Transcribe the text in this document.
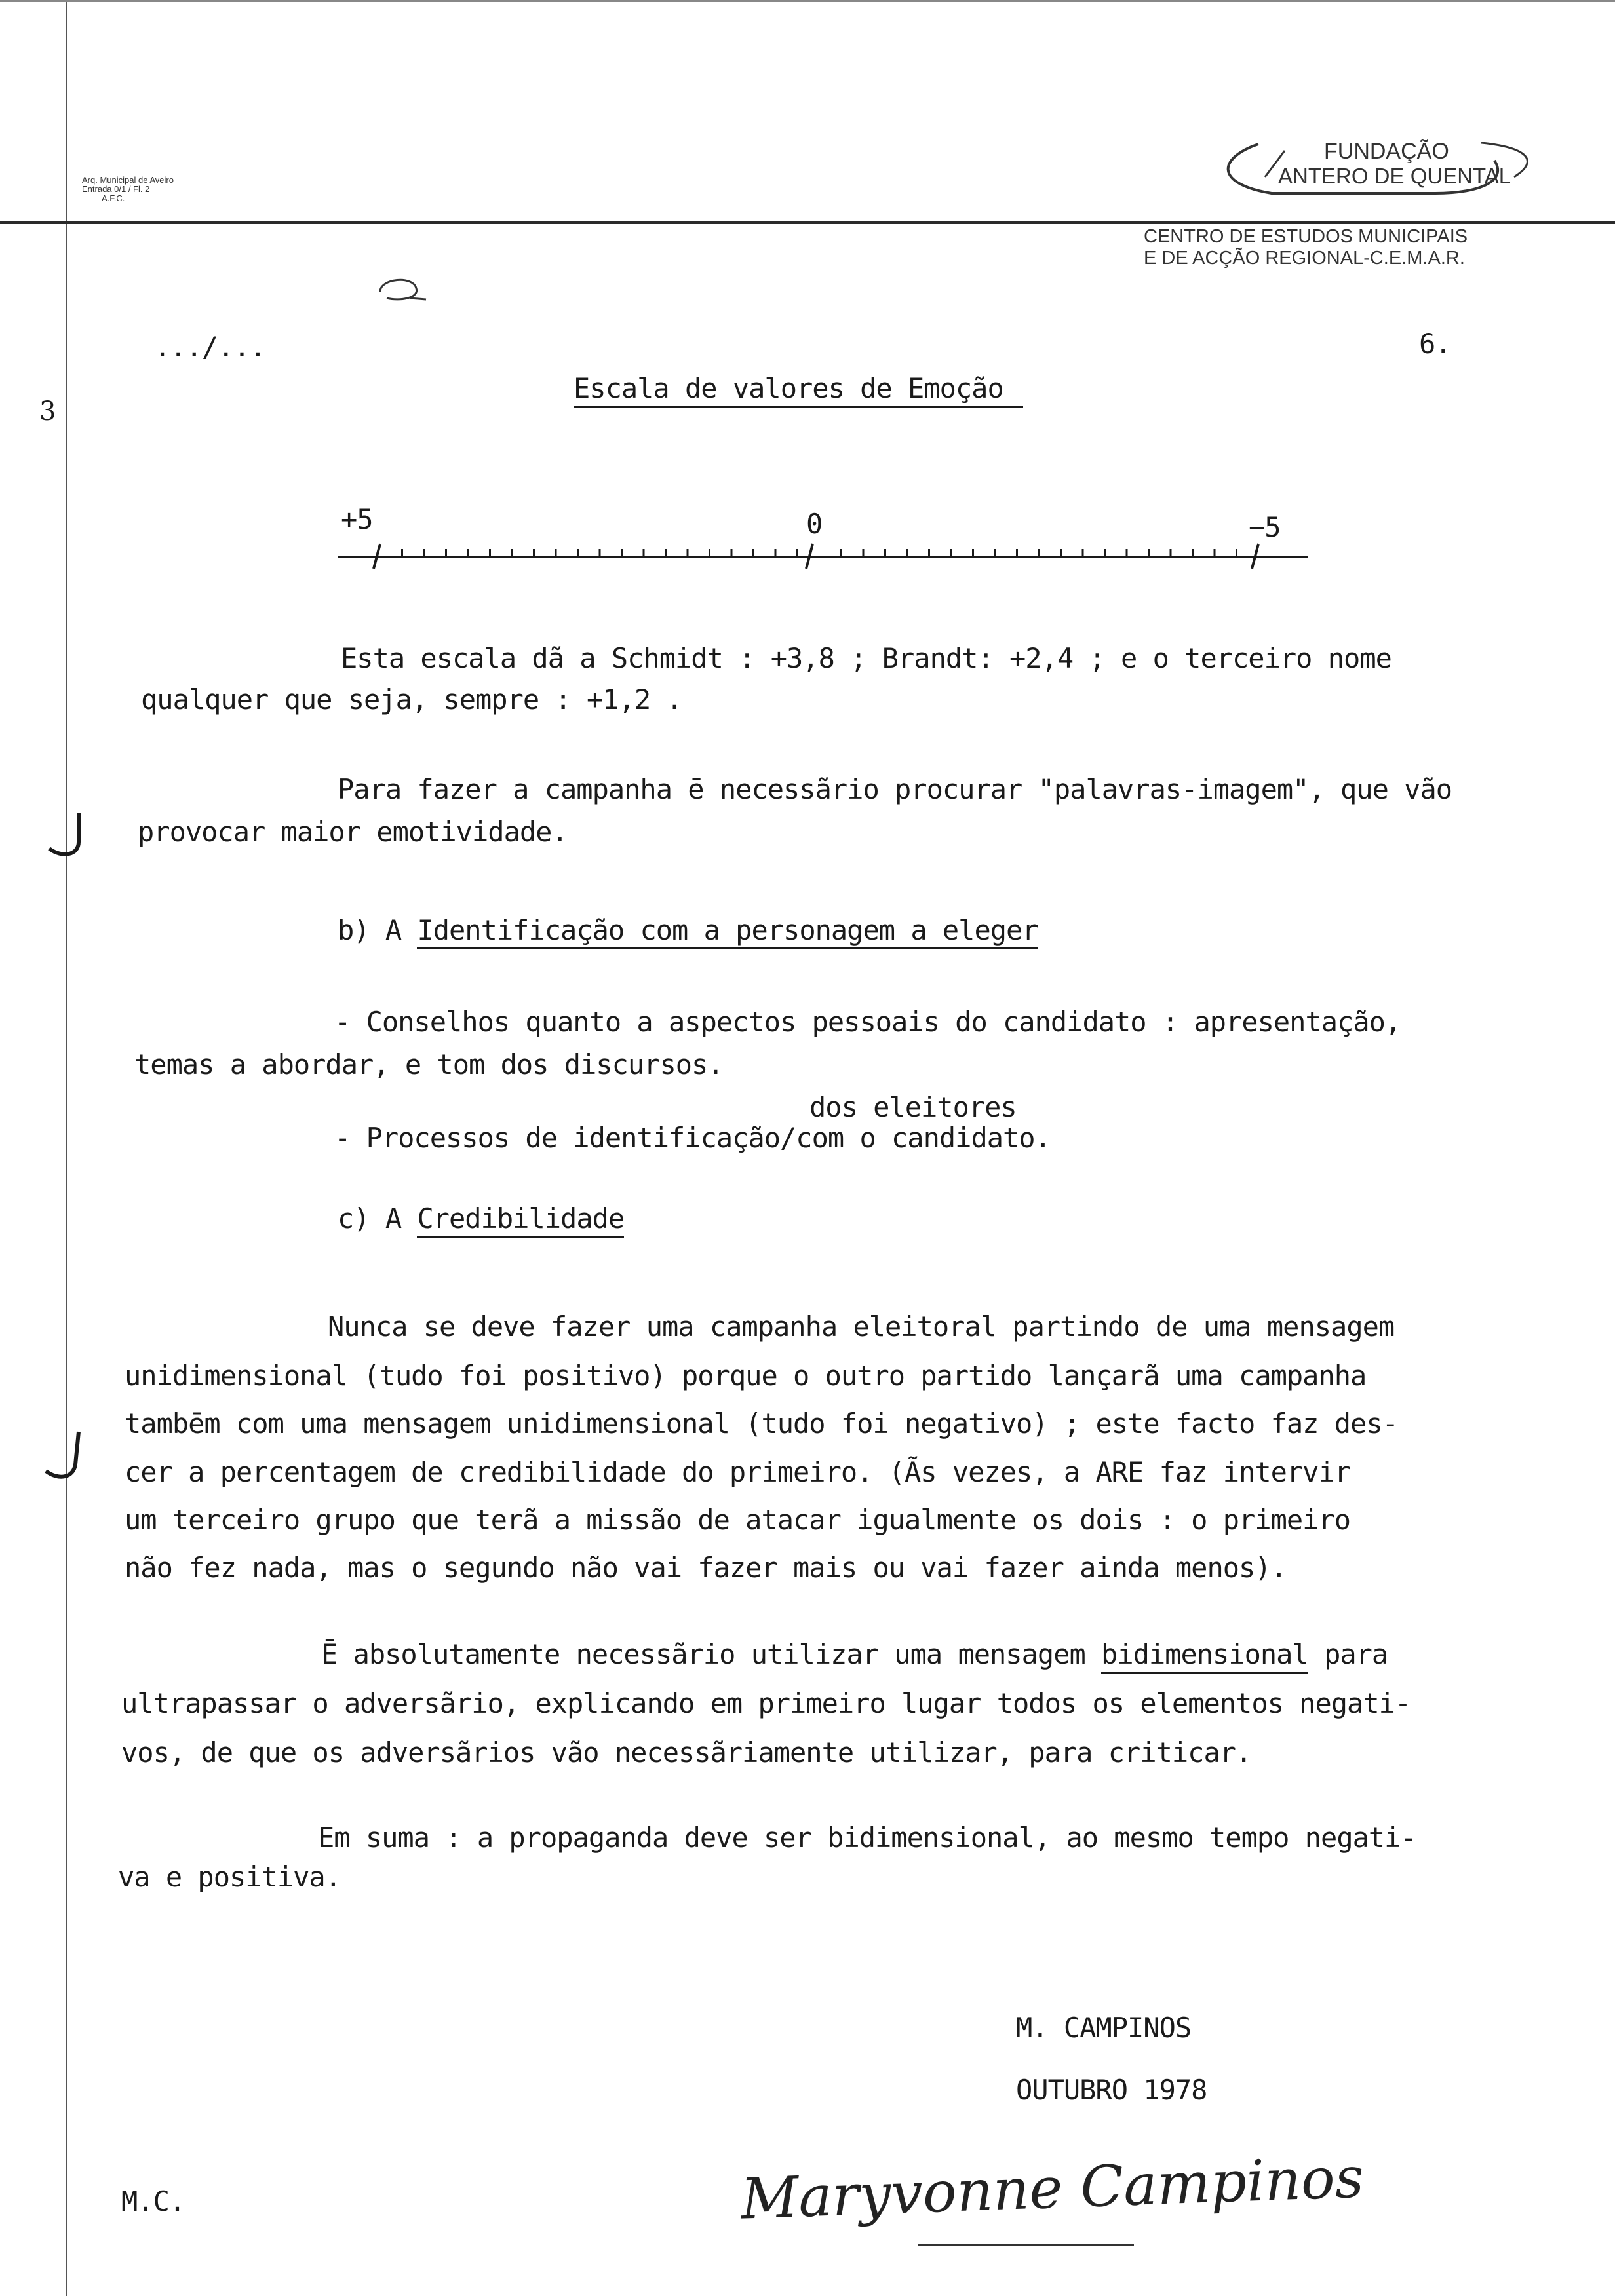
Arq. Municipal de Aveiro
Entrada 0/1 / Fl. 2
A.F.C.
FUNDAÇÃO
ANTERO DE QUENTAL
CENTRO DE ESTUDOS MUNICIPAIS
E DE ACÇÃO REGIONAL-C.E.M.A.R.
3
.../...	6.
Escala de valores de Emoção
+5	0	−5
Esta escala dã a Schmidt : +3,8 ; Brandt: +2,4 ; e o terceiro nome
qualquer que seja, sempre : +1,2 .
Para fazer a campanha ē necessãrio procurar "palavras-imagem", que vão
provocar maior emotividade.
b) A Identificação com a personagem a eleger
- Conselhos quanto a aspectos pessoais do candidato : apresentação,
temas a abordar, e tom dos discursos.
dos eleitores
- Processos de identificação/com o candidato.
c) A Credibilidade
Nunca se deve fazer uma campanha eleitoral partindo de uma mensagem
unidimensional (tudo foi positivo) porque o outro partido lançarã uma campanha
tambēm com uma mensagem unidimensional (tudo foi negativo) ; este facto faz des-
cer a percentagem de credibilidade do primeiro. (Ãs vezes, a ARE faz intervir
um terceiro grupo que terã a missão de atacar igualmente os dois : o primeiro
não fez nada, mas o segundo não vai fazer mais ou vai fazer ainda menos).
Ē absolutamente necessãrio utilizar uma mensagem bidimensional para
ultrapassar o adversãrio, explicando em primeiro lugar todos os elementos negati-
vos, de que os adversãrios vão necessãriamente utilizar, para criticar.
Em suma : a propaganda deve ser bidimensional, ao mesmo tempo negati-
va e positiva.
M. CAMPINOS
OUTUBRO 1978
M.C.	Maryvonne Campinos
